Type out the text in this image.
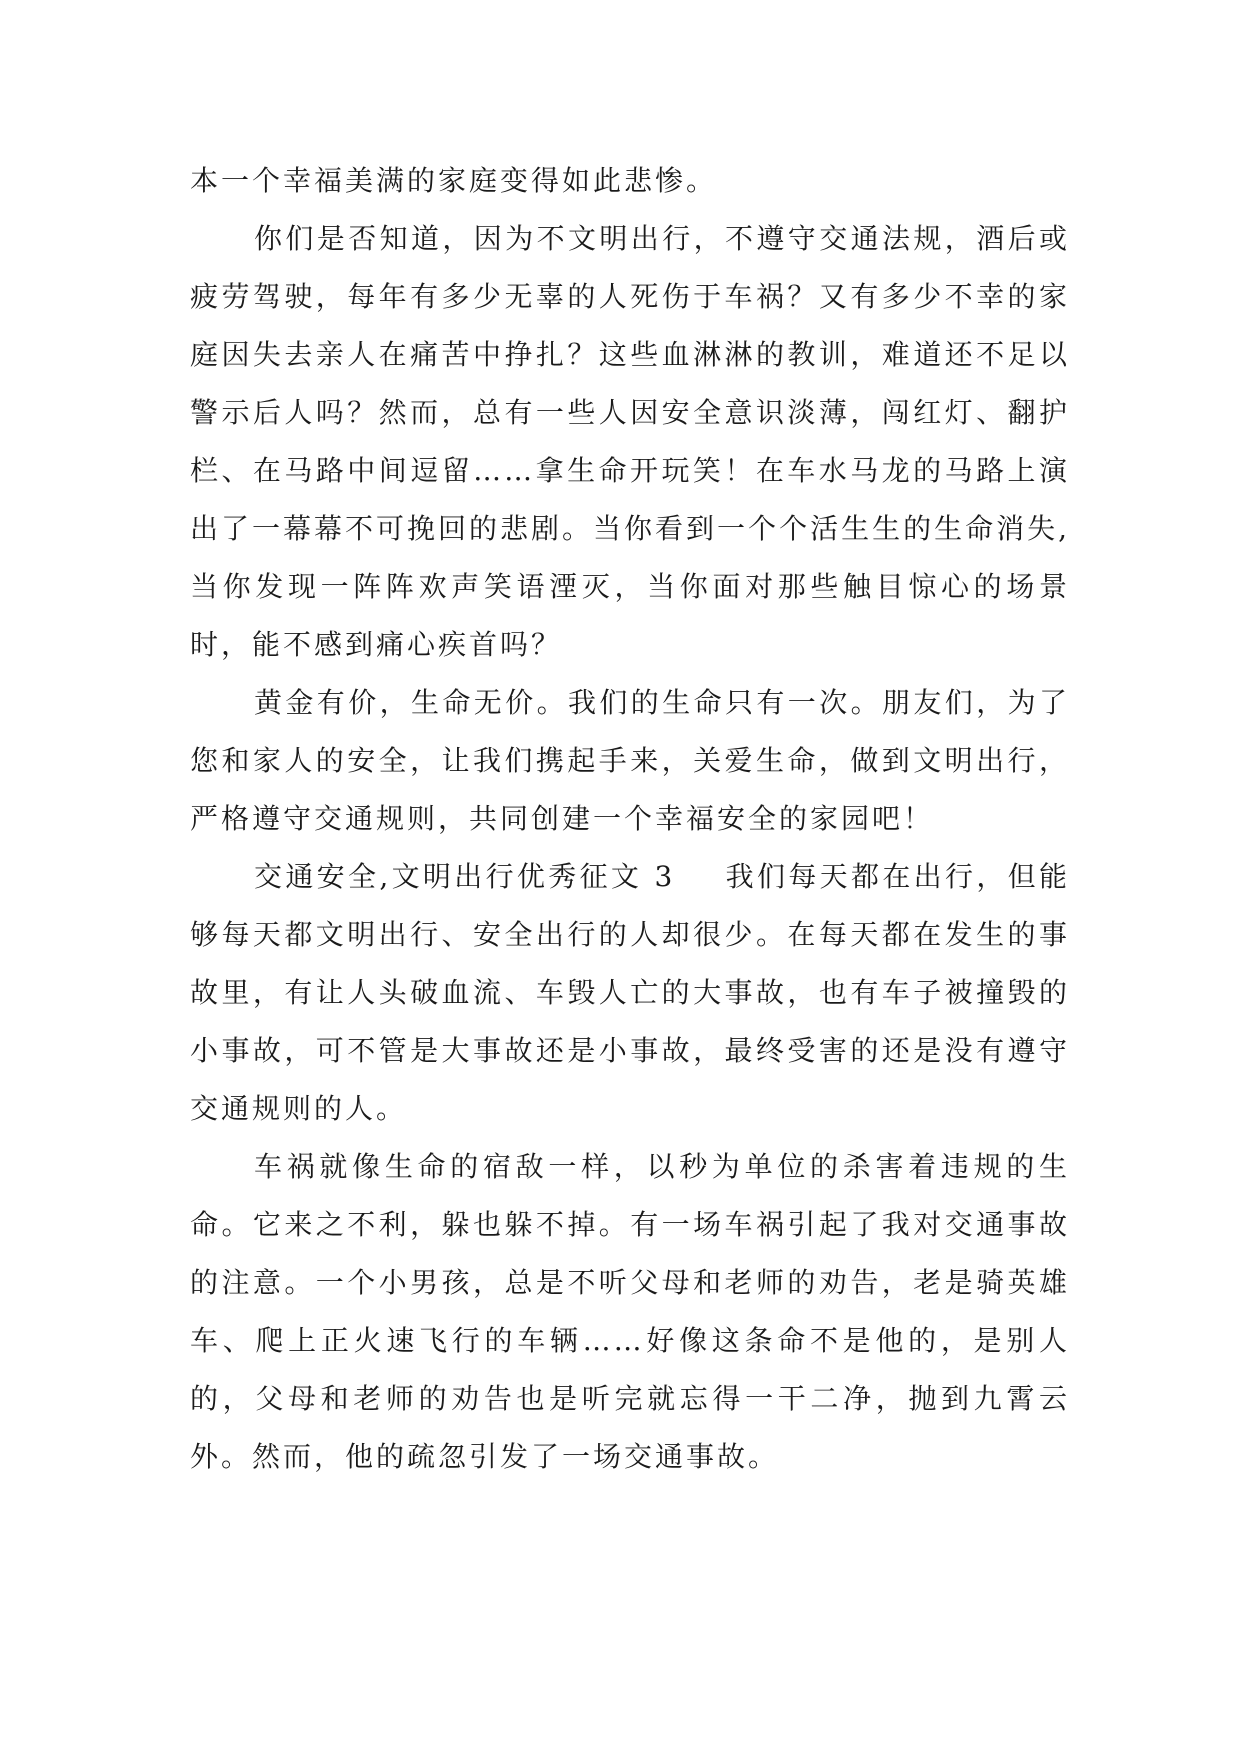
本一个幸福美满的家庭变得如此悲惨。

你们是否知道，因为不文明出行，不遵守交通法规，酒后或疲劳驾驶，每年有多少无辜的人死伤于车祸？又有多少不幸的家庭因失去亲人在痛苦中挣扎？这些血淋淋的教训，难道还不足以警示后人吗？然而，总有一些人因安全意识淡薄，闯红灯、翻护栏、在马路中间逗留……拿生命开玩笑！在车水马龙的马路上演出了一幕幕不可挽回的悲剧。当你看到一个个活生生的生命消失,当你发现一阵阵欢声笑语湮灭，当你面对那些触目惊心的场景时，能不感到痛心疾首吗？

黄金有价，生命无价。我们的生命只有一次。朋友们，为了您和家人的安全，让我们携起手来，关爱生命，做到文明出行，严格遵守交通规则，共同创建一个幸福安全的家园吧！

交通安全,文明出行优秀征文 3 我们每天都在出行，但能够每天都文明出行、安全出行的人却很少。在每天都在发生的事故里，有让人头破血流、车毁人亡的大事故，也有车子被撞毁的小事故，可不管是大事故还是小事故，最终受害的还是没有遵守交通规则的人。

车祸就像生命的宿敌一样，以秒为单位的杀害着违规的生命。它来之不利，躲也躲不掉。有一场车祸引起了我对交通事故的注意。一个小男孩，总是不听父母和老师的劝告，老是骑英雄车、爬上正火速飞行的车辆……好像这条命不是他的，是别人的，父母和老师的劝告也是听完就忘得一干二净，抛到九霄云外。然而，他的疏忽引发了一场交通事故。
